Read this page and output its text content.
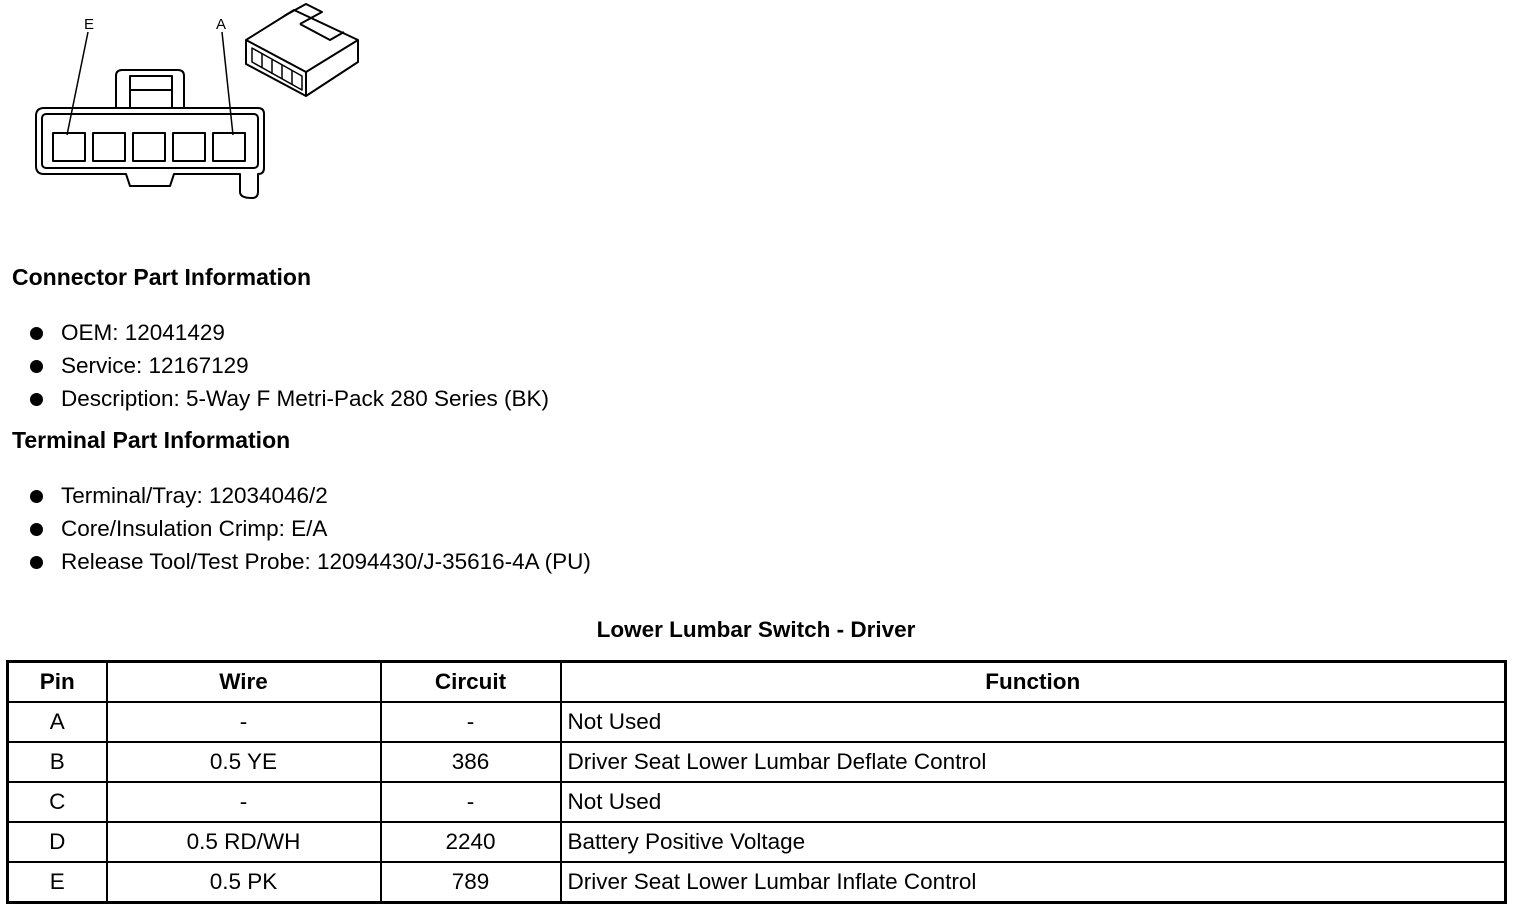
E	A
Connector Part Information
OEM: 12041429
Service: 12167129
Description: 5-Way F Metri-Pack 280 Series (BK)
Terminal Part Information
Terminal/Tray: 12034046/2
Core/Insulation Crimp: E/A
Release Tool/Test Probe: 12094430/J-35616-4A (PU)
Lower Lumbar Switch - Driver
Pin	Wire	Circuit	Function
A	-	-	Not Used
B	0.5 YE	386	Driver Seat Lower Lumbar Deflate Control
C	-	-	Not Used
D	0.5 RD/WH	2240	Battery Positive Voltage
E	0.5 PK	789	Driver Seat Lower Lumbar Inflate Control
